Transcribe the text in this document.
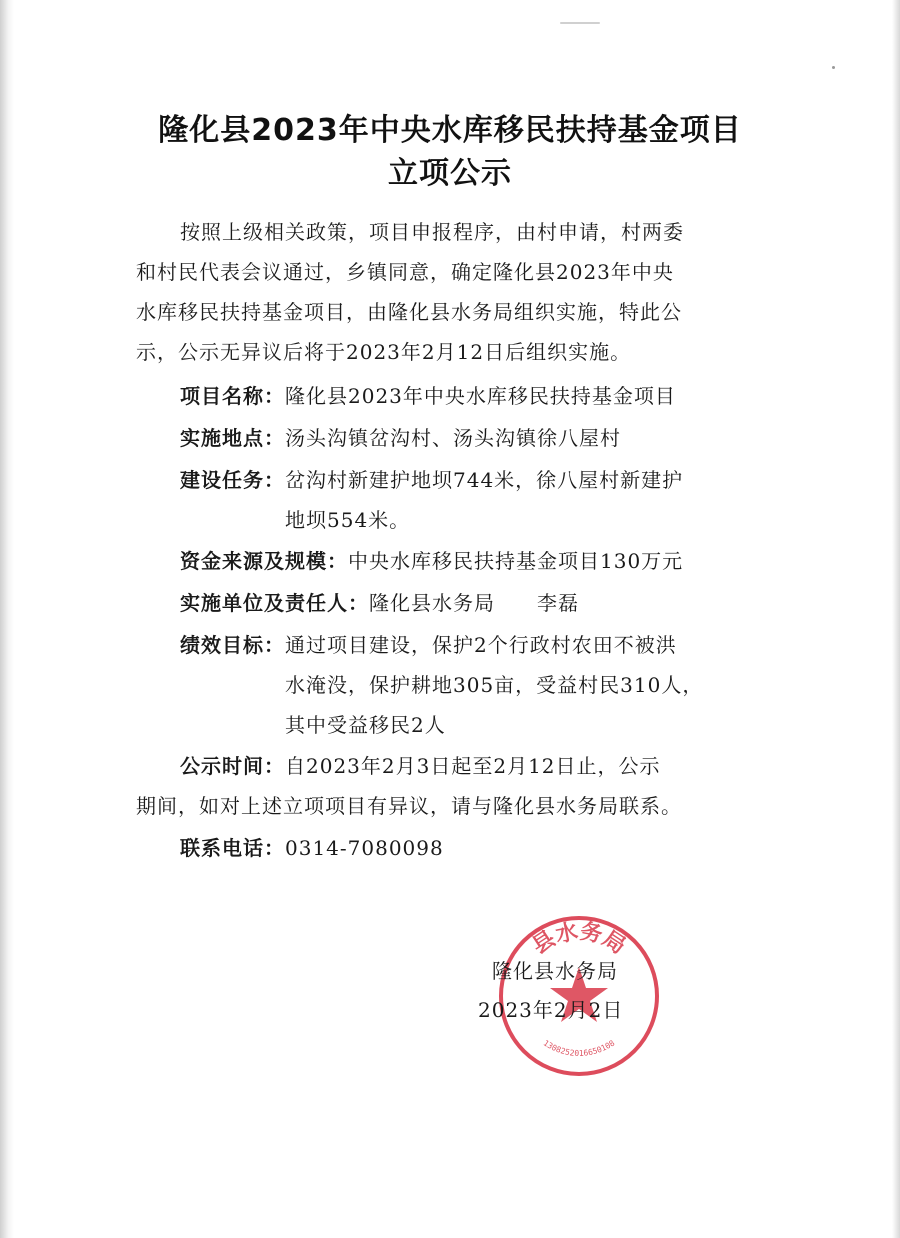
隆化县2023年中央水库移民扶持基金项目
立项公示
按照上级相关政策，项目申报程序，由村申请，村两委
和村民代表会议通过，乡镇同意，确定隆化县2023年中央
水库移民扶持基金项目，由隆化县水务局组织实施，特此公
示，公示无异议后将于2023年2月12日后组织实施。
项目名称： 隆化县2023年中央水库移民扶持基金项目
实施地点： 汤头沟镇岔沟村、汤头沟镇徐八屋村
建设任务： 岔沟村新建护地坝744米，徐八屋村新建护
地坝554米。
资金来源及规模： 中央水库移民扶持基金项目130万元
实施单位及责任人： 隆化县水务局　　李磊
绩效目标： 通过项目建设，保护2个行政村农田不被洪
水淹没，保护耕地305亩，受益村民310人，
其中受益移民2人
公示时间：自2023年2月3日起至2月12日止，公示
期间，如对上述立项项目有异议，请与隆化县水务局联系。
联系电话： 0314-7080098
县水务局
1308252016650108
隆化县水务局
2023年2月2日
